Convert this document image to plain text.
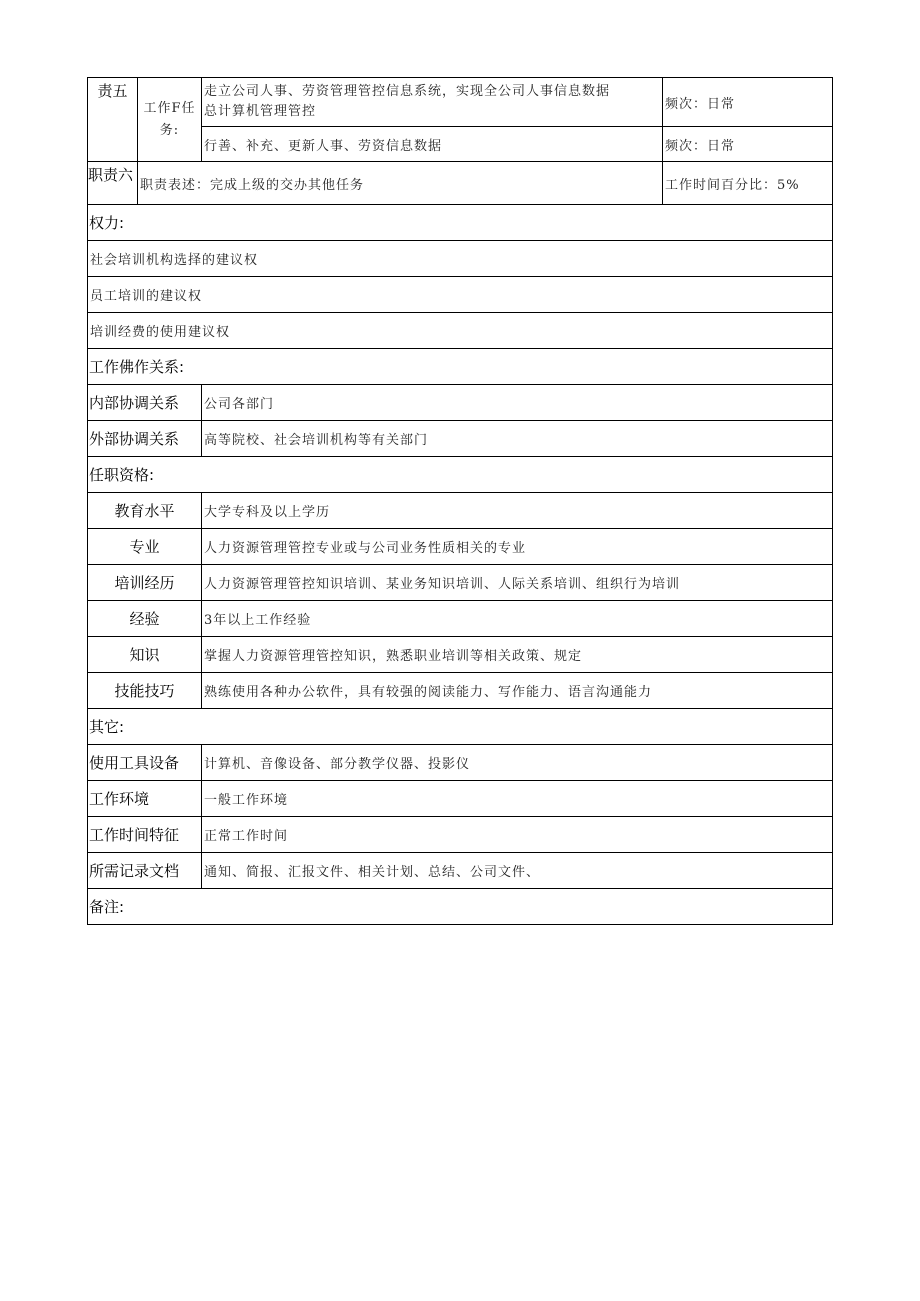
责五	工作F任务:	走立公司人事、劳资管理管控信息系统，实现全公司人事信息数据
总计算机管理管控	频次：日常
		行善、补充、更新人事、劳资信息数据	频次：日常
职责六	职责表述：完成上级的交办其他任务		工作时间百分比：5%
权力:			
社会培训机构选择的建议权			
员工培训的建议权			
培训经费的使用建议权			
工作佛作关系:			
内部协调关系		公司各部门	
外部协调关系		高等院校、社会培训机构等有关部门	
任职资格:			
教育水平		大学专科及以上学历	
专业		人力资源管理管控专业或与公司业务性质相关的专业	
培训经历		人力资源管理管控知识培训、某业务知识培训、人际关系培训、组织行为培训	
经验		3年以上工作经验	
知识		掌握人力资源管理管控知识，熟悉职业培训等相关政策、规定	
技能技巧		熟练使用各种办公软件，具有较强的阅读能力、写作能力、语言沟通能力	
其它:			
使用工具设备		计算机、音像设备、部分教学仪器、投影仪	
工作环境		一般工作环境	
工作时间特征		正常工作时间	
所需记录文档		通知、简报、汇报文件、相关计划、总结、公司文件、	
备注:			
